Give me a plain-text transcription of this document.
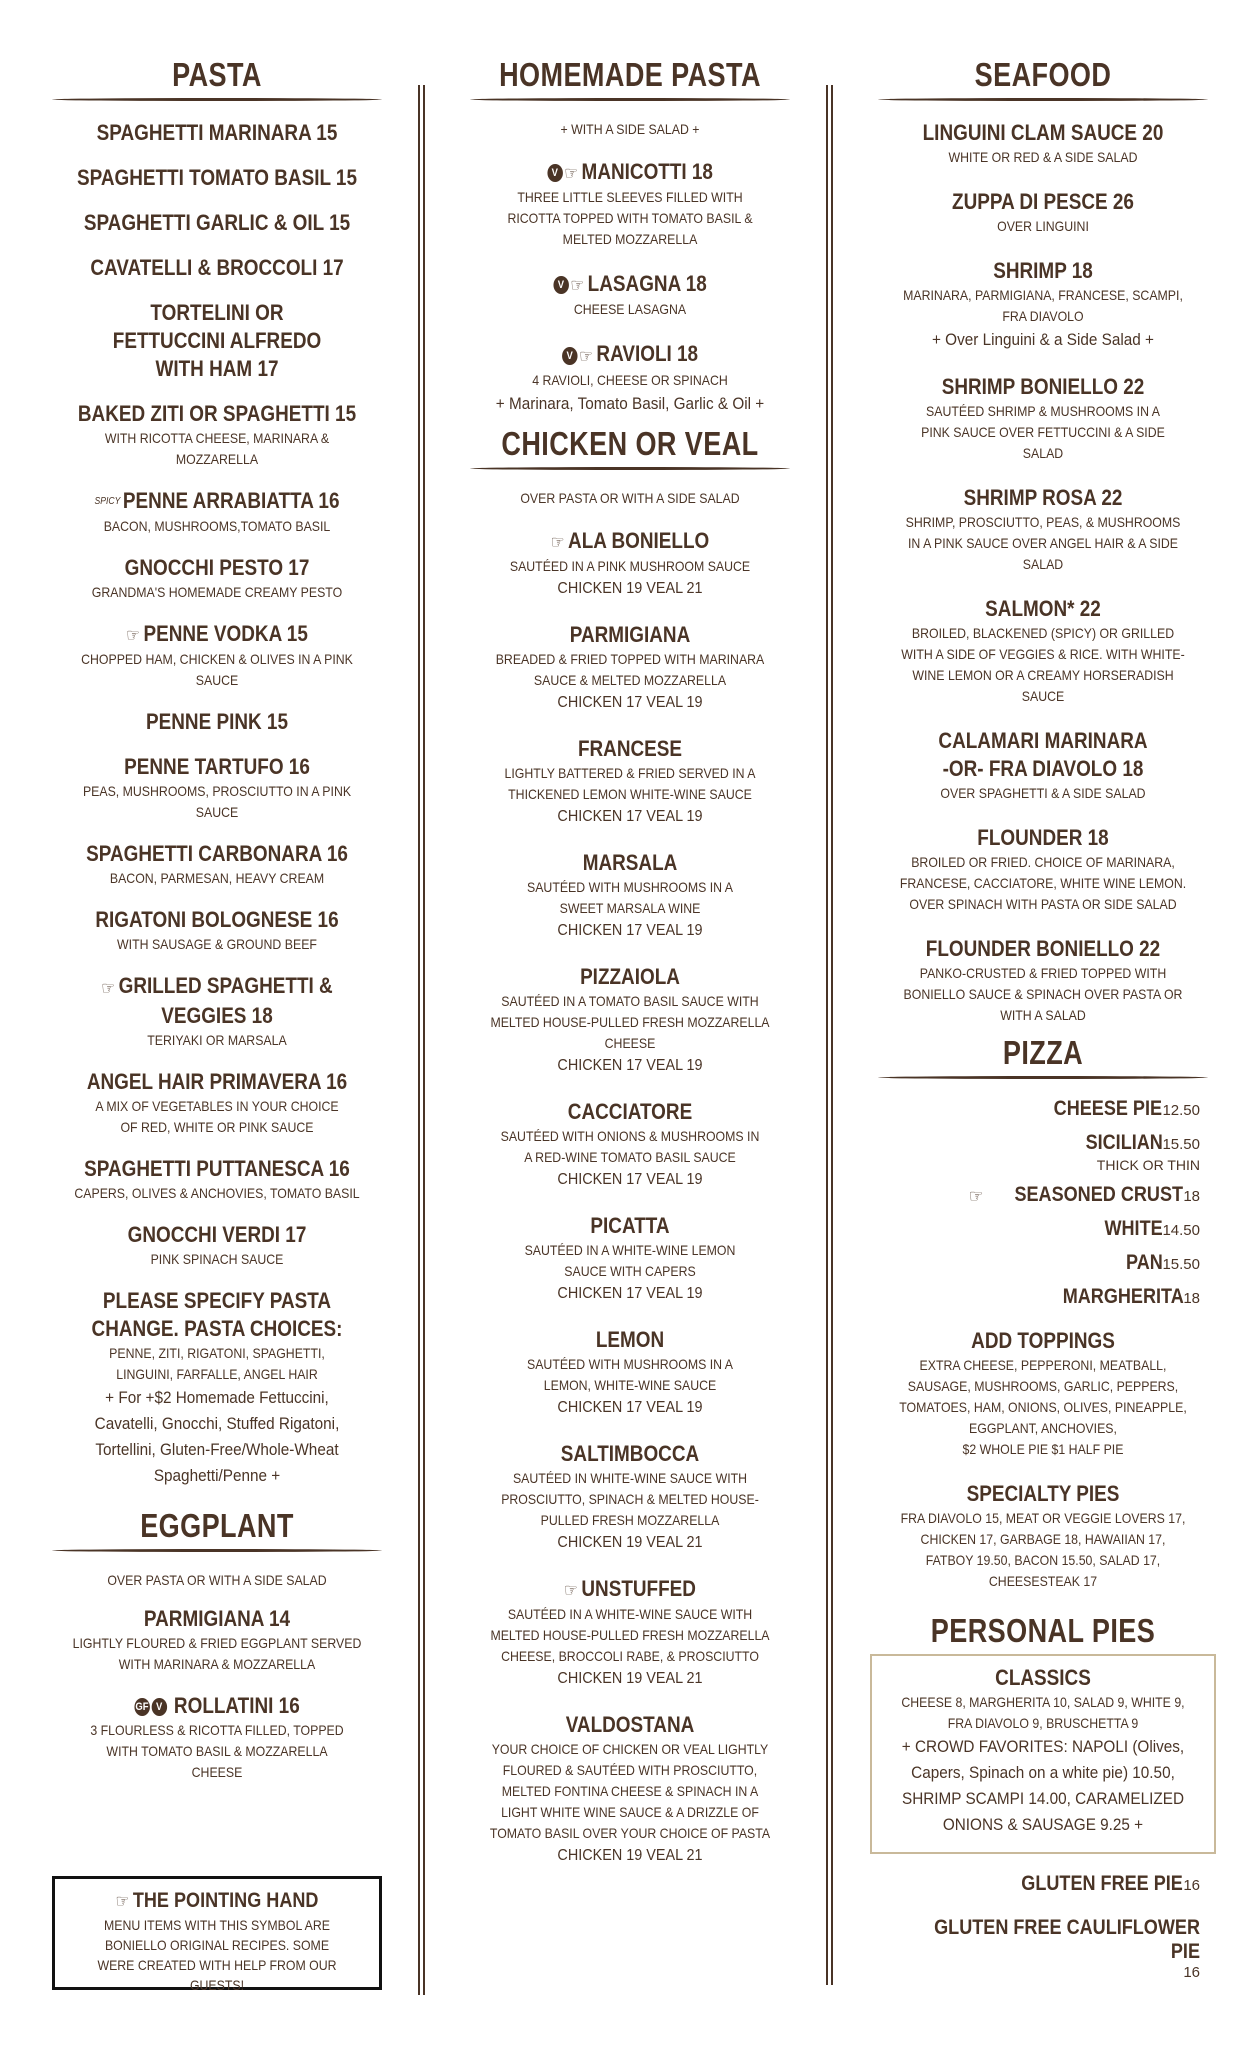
PASTA
SPAGHETTI MARINARA 15
SPAGHETTI TOMATO BASIL 15
SPAGHETTI GARLIC & OIL 15
CAVATELLI & BROCCOLI 17
TORTELINI OR FETTUCCINI ALFREDO WITH HAM 17
BAKED ZITI OR SPAGHETTI 15
WITH RICOTTA CHEESE, MARINARA & MOZZARELLA
SPICY PENNE ARRABIATTA 16
BACON, MUSHROOMS,TOMATO BASIL
GNOCCHI PESTO 17
GRANDMA'S HOMEMADE CREAMY PESTO
☞ PENNE VODKA 15
CHOPPED HAM, CHICKEN & OLIVES IN A PINK SAUCE
PENNE PINK 15
PENNE TARTUFO 16
PEAS, MUSHROOMS, PROSCIUTTO IN A PINK SAUCE
SPAGHETTI CARBONARA 16
BACON, PARMESAN, HEAVY CREAM
RIGATONI BOLOGNESE 16
WITH SAUSAGE & GROUND BEEF
☞ GRILLED SPAGHETTI & VEGGIES 18
TERIYAKI OR MARSALA
ANGEL HAIR PRIMAVERA 16
A MIX OF VEGETABLES IN YOUR CHOICE OF RED, WHITE OR PINK SAUCE
SPAGHETTI PUTTANESCA 16
CAPERS, OLIVES & ANCHOVIES, TOMATO BASIL
GNOCCHI VERDI 17
PINK SPINACH SAUCE
PLEASE SPECIFY PASTA CHANGE. PASTA CHOICES:
PENNE, ZITI, RIGATONI, SPAGHETTI, LINGUINI, FARFALLE, ANGEL HAIR
+ For +$2 Homemade Fettuccini, Cavatelli, Gnocchi, Stuffed Rigatoni, Tortellini, Gluten-Free/Whole-Wheat Spaghetti/Penne +
EGGPLANT
OVER PASTA OR WITH A SIDE SALAD
PARMIGIANA 14
LIGHTLY FLOURED & FRIED EGGPLANT SERVED WITH MARINARA & MOZZARELLA
GF V ROLLATINI 16
3 FLOURLESS & RICOTTA FILLED, TOPPED WITH TOMATO BASIL & MOZZARELLA CHEESE
☞ THE POINTING HAND
MENU ITEMS WITH THIS SYMBOL ARE BONIELLO ORIGINAL RECIPES. SOME WERE CREATED WITH HELP FROM OUR GUESTS!
HOMEMADE PASTA
+ WITH A SIDE SALAD +
V ☞ MANICOTTI 18
THREE LITTLE SLEEVES FILLED WITH RICOTTA TOPPED WITH TOMATO BASIL & MELTED MOZZARELLA
V ☞ LASAGNA 18
CHEESE LASAGNA
V ☞ RAVIOLI 18
4 RAVIOLI, CHEESE OR SPINACH
+ Marinara, Tomato Basil, Garlic & Oil +
CHICKEN OR VEAL
OVER PASTA OR WITH A SIDE SALAD
☞ ALA BONIELLO
SAUTÉED IN A PINK MUSHROOM SAUCE
CHICKEN 19 VEAL 21
PARMIGIANA
BREADED & FRIED TOPPED WITH MARINARA SAUCE & MELTED MOZZARELLA
CHICKEN 17 VEAL 19
FRANCESE
LIGHTLY BATTERED & FRIED SERVED IN A THICKENED LEMON WHITE-WINE SAUCE
CHICKEN 17 VEAL 19
MARSALA
SAUTÉED WITH MUSHROOMS IN A SWEET MARSALA WINE
CHICKEN 17 VEAL 19
PIZZAIOLA
SAUTÉED IN A TOMATO BASIL SAUCE WITH MELTED HOUSE-PULLED FRESH MOZZARELLA CHEESE
CHICKEN 17 VEAL 19
CACCIATORE
SAUTÉED WITH ONIONS & MUSHROOMS IN A RED-WINE TOMATO BASIL SAUCE
CHICKEN 17 VEAL 19
PICATTA
SAUTÉED IN A WHITE-WINE LEMON SAUCE WITH CAPERS
CHICKEN 17 VEAL 19
LEMON
SAUTÉED WITH MUSHROOMS IN A LEMON, WHITE-WINE SAUCE
CHICKEN 17 VEAL 19
SALTIMBOCCA
SAUTÉED IN WHITE-WINE SAUCE WITH PROSCIUTTO, SPINACH & MELTED HOUSE-PULLED FRESH MOZZARELLA
CHICKEN 19 VEAL 21
☞ UNSTUFFED
SAUTÉED IN A WHITE-WINE SAUCE WITH MELTED HOUSE-PULLED FRESH MOZZARELLA CHEESE, BROCCOLI RABE, & PROSCIUTTO
CHICKEN 19 VEAL 21
VALDOSTANA
YOUR CHOICE OF CHICKEN OR VEAL LIGHTLY FLOURED & SAUTÉED WITH PROSCIUTTO, MELTED FONTINA CHEESE & SPINACH IN A LIGHT WHITE WINE SAUCE & A DRIZZLE OF TOMATO BASIL OVER YOUR CHOICE OF PASTA
CHICKEN 19 VEAL 21
SEAFOOD
LINGUINI CLAM SAUCE 20
WHITE OR RED & A SIDE SALAD
ZUPPA DI PESCE 26
OVER LINGUINI
SHRIMP 18
MARINARA, PARMIGIANA, FRANCESE, SCAMPI, FRA DIAVOLO
+ Over Linguini & a Side Salad +
SHRIMP BONIELLO 22
SAUTÉED SHRIMP & MUSHROOMS IN A PINK SAUCE OVER FETTUCCINI & A SIDE SALAD
SHRIMP ROSA 22
SHRIMP, PROSCIUTTO, PEAS, & MUSHROOMS IN A PINK SAUCE OVER ANGEL HAIR & A SIDE SALAD
SALMON* 22
BROILED, BLACKENED (SPICY) OR GRILLED WITH A SIDE OF VEGGIES & RICE. WITH WHITE-WINE LEMON OR A CREAMY HORSERADISH SAUCE
CALAMARI MARINARA -OR- FRA DIAVOLO 18
OVER SPAGHETTI & A SIDE SALAD
FLOUNDER 18
BROILED OR FRIED. CHOICE OF MARINARA, FRANCESE, CACCIATORE, WHITE WINE LEMON. OVER SPINACH WITH PASTA OR SIDE SALAD
FLOUNDER BONIELLO 22
PANKO-CRUSTED & FRIED TOPPED WITH BONIELLO SAUCE & SPINACH OVER PASTA OR WITH A SALAD
PIZZA
CHEESE PIE12.50
SICILIAN15.50
THICK OR THIN
☞ SEASONED CRUST18
WHITE14.50
PAN15.50
MARGHERITA18
ADD TOPPINGS
EXTRA CHEESE, PEPPERONI, MEATBALL, SAUSAGE, MUSHROOMS, GARLIC, PEPPERS, TOMATOES, HAM, ONIONS, OLIVES, PINEAPPLE, EGGPLANT, ANCHOVIES,
$2 WHOLE PIE $1 HALF PIE
SPECIALTY PIES
FRA DIAVOLO 15, MEAT OR VEGGIE LOVERS 17, CHICKEN 17, GARBAGE 18, HAWAIIAN 17, FATBOY 19.50, BACON 15.50, SALAD 17, CHEESESTEAK 17
PERSONAL PIES
CLASSICS
CHEESE 8, MARGHERITA 10, SALAD 9, WHITE 9, FRA DIAVOLO 9, BRUSCHETTA 9
+ CROWD FAVORITES: NAPOLI (Olives, Capers, Spinach on a white pie) 10.50, SHRIMP SCAMPI 14.00, CARAMELIZED ONIONS & SAUSAGE 9.25 +
GLUTEN FREE PIE16
GLUTEN FREE CAULIFLOWER PIE16
